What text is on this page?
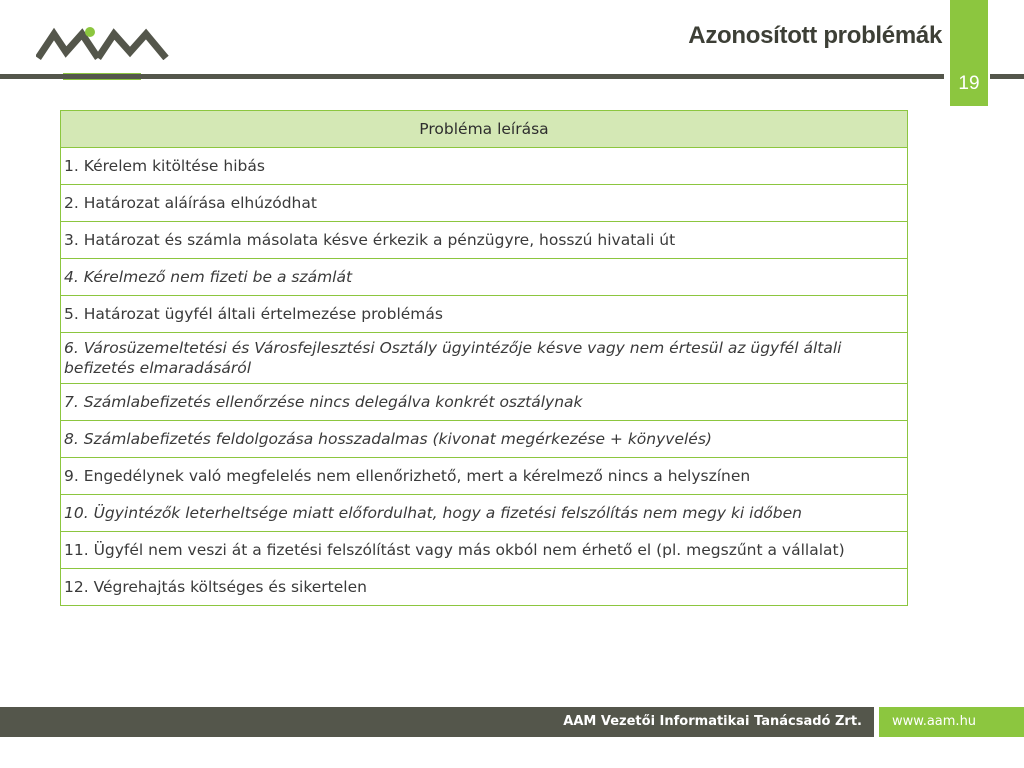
Azonosított problémák
19
Probléma leírása
1. Kérelem kitöltése hibás
2. Határozat aláírása elhúzódhat
3. Határozat és számla másolata késve érkezik a pénzügyre, hosszú hivatali út
4. Kérelmező nem fizeti be a számlát
5. Határozat ügyfél általi értelmezése problémás
6. Városüzemeltetési és Városfejlesztési Osztály ügyintézője késve vagy nem értesül az ügyfél általi befizetés elmaradásáról
7. Számlabefizetés ellenőrzése nincs delegálva konkrét osztálynak
8. Számlabefizetés feldolgozása hosszadalmas (kivonat megérkezése + könyvelés)
9. Engedélynek való megfelelés nem ellenőrizhető, mert a kérelmező nincs a helyszínen
10. Ügyintézők leterheltsége miatt előfordulhat, hogy a fizetési felszólítás nem megy ki időben
11. Ügyfél nem veszi át a fizetési felszólítást vagy más okból nem érhető el (pl. megszűnt a vállalat)
12. Végrehajtás költséges és sikertelen
AAM Vezetői Informatikai Tanácsadó Zrt. www.aam.hu
